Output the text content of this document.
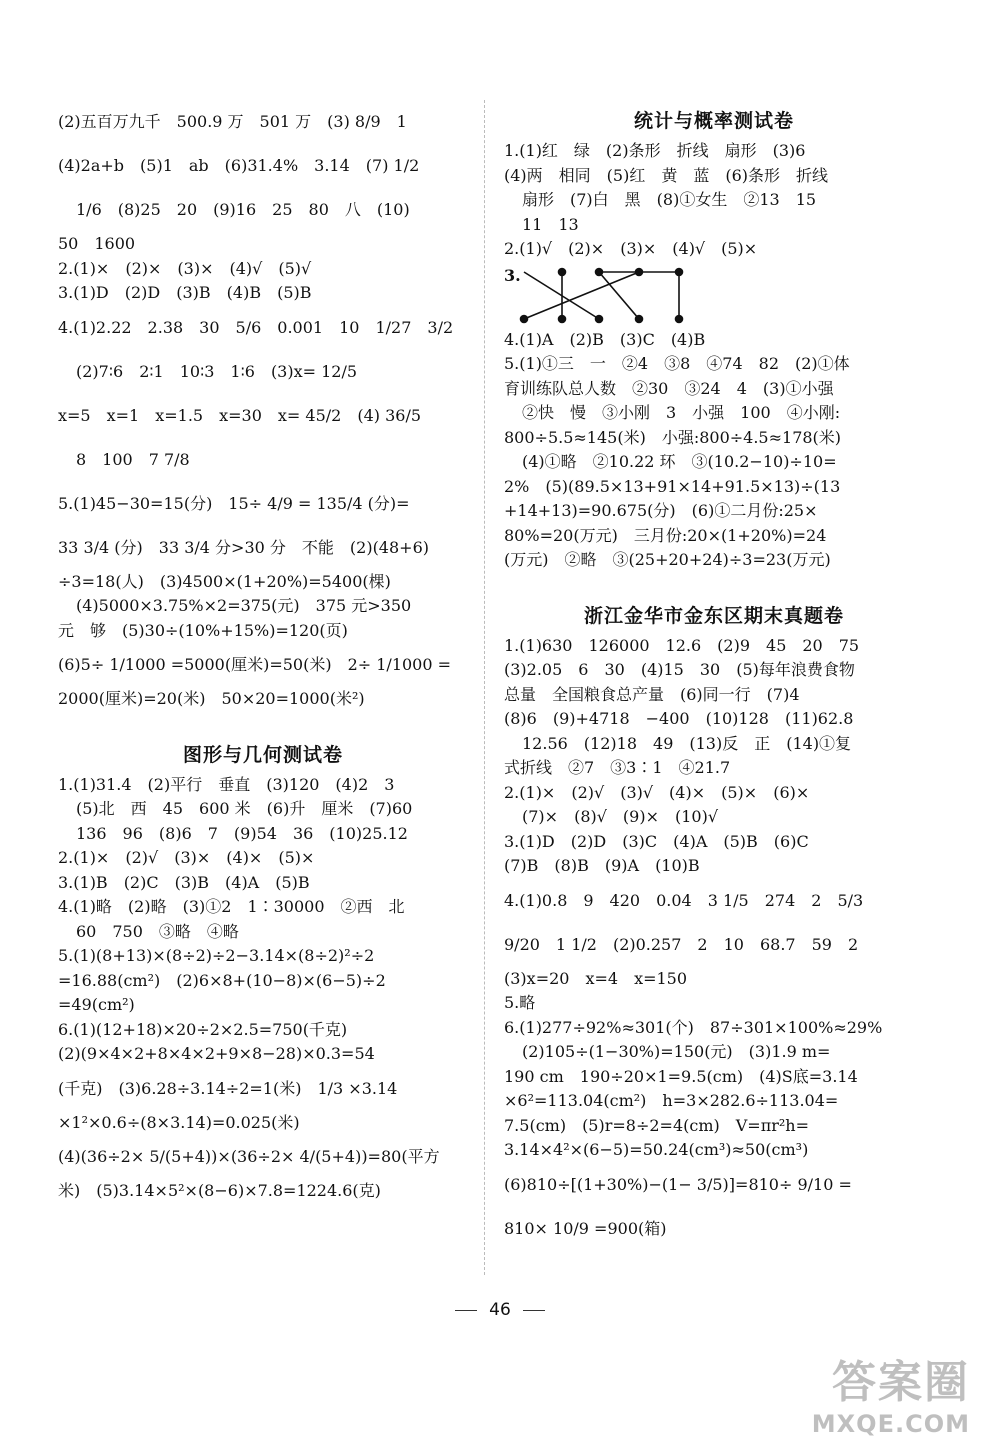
(2)五百万九千　500.9 万　501 万　(3) 8/9　1
(4)2a+b　(5)1　ab　(6)31.4%　3.14̇　(7) 1/2
1/6　(8)25　20　(9)16　25　80　八　(10)
50　1600
2.(1)×　(2)×　(3)×　(4)√　(5)√
3.(1)D　(2)D　(3)B　(4)B　(5)B
4.(1)2.22　2.38　30　5/6　0.001　10　1/27　3/2
(2)7∶6　2∶1　10∶3　1∶6　(3)x= 12/5
x=5　x=1　x=1.5　x=30　x= 45/2　(4) 36/5
8　100　7 7/8
5.(1)45−30=15(分)　15÷ 4/9 = 135/4 (分)=
33 3/4 (分)　33 3/4 分>30 分　不能　(2)(48+6)
÷3=18(人)　(3)4500×(1+20%)=5400(棵)
(4)5000×3.75%×2=375(元)　375 元>350
元　够　(5)30÷(10%+15%)=120(页)
(6)5÷ 1/1000 =5000(厘米)=50(米)　2÷ 1/1000 =
2000(厘米)=20(米)　50×20=1000(米²)
图形与几何测试卷
1.(1)31.4　(2)平行　垂直　(3)120　(4)2　3
(5)北　西　45　600 米　(6)升　厘米　(7)60
136　96　(8)6　7　(9)54　36　(10)25.12
2.(1)×　(2)√　(3)×　(4)×　(5)×
3.(1)B　(2)C　(3)B　(4)A　(5)B
4.(1)略　(2)略　(3)①2　1∶30000　②西　北
60　750　③略　④略
5.(1)(8+13)×(8÷2)÷2−3.14×(8÷2)²÷2
=16.88(cm²)　(2)6×8+(10−8)×(6−5)÷2
=49(cm²)
6.(1)(12+18)×20÷2×2.5=750(千克)
(2)(9×4×2+8×4×2+9×8−28)×0.3=54
(千克)　(3)6.28÷3.14÷2=1(米)　1/3 ×3.14
×1²×0.6÷(8×3.14)=0.025(米)
(4)(36÷2× 5/(5+4))×(36÷2× 4/(5+4))=80(平方
米)　(5)3.14×5²×(8−6)×7.8=1224.6(克)
统计与概率测试卷
1.(1)红　绿　(2)条形　折线　扇形　(3)6
(4)两　相同　(5)红　黄　蓝　(6)条形　折线
扇形　(7)白　黑　(8)①女生　②13　15
11　13
2.(1)√　(2)×　(3)×　(4)√　(5)×
3.
4.(1)A　(2)B　(3)C　(4)B
5.(1)①三　一　②4　③8　④74　82　(2)①体
育训练队总人数　②30　③24　4　(3)①小强
②快　慢　③小刚　3　小强　100　④小刚:
800÷5.5≈145(米)　小强:800÷4.5≈178(米)
(4)①略　②10.22 环　③(10.2−10)÷10=
2%　(5)(89.5×13+91×14+91.5×13)÷(13
+14+13)=90.675(分)　(6)①二月份:25×
80%=20(万元)　三月份:20×(1+20%)=24
(万元)　②略　③(25+20+24)÷3=23(万元)
浙江金华市金东区期末真题卷
1.(1)630　126000　12.6　(2)9　45　20　75
(3)2.05　6　30　(4)15　30　(5)每年浪费食物
总量　全国粮食总产量　(6)同一行　(7)4
(8)6　(9)+4718　−400　(10)128　(11)62.8
12.56　(12)18　49　(13)反　正　(14)①复
式折线　②7　③3∶1　④21.7
2.(1)×　(2)√　(3)√　(4)×　(5)×　(6)×
(7)×　(8)√　(9)×　(10)√
3.(1)D　(2)D　(3)C　(4)A　(5)B　(6)C
(7)B　(8)B　(9)A　(10)B
4.(1)0.8　9　420　0.04　3 1/5　274　2　5/3
9/20　1 1/2　(2)0.257　2　10　68.7　59　2
(3)x=20　x=4　x=150
5.略
6.(1)277÷92%≈301(个)　87÷301×100%≈29%
(2)105÷(1−30%)=150(元)　(3)1.9 m=
190 cm　190÷20×1=9.5(cm)　(4)S底=3.14
×6²=113.04(cm²)　h=3×282.6÷113.04=
7.5(cm)　(5)r=8÷2=4(cm)　V=πr²h=
3.14×4²×(6−5)=50.24(cm³)≈50(cm³)
(6)810÷[(1+30%)−(1− 3/5)]=810÷ 9/10 =
810× 10/9 =900(箱)
46
答案圈
MXQE.COM
